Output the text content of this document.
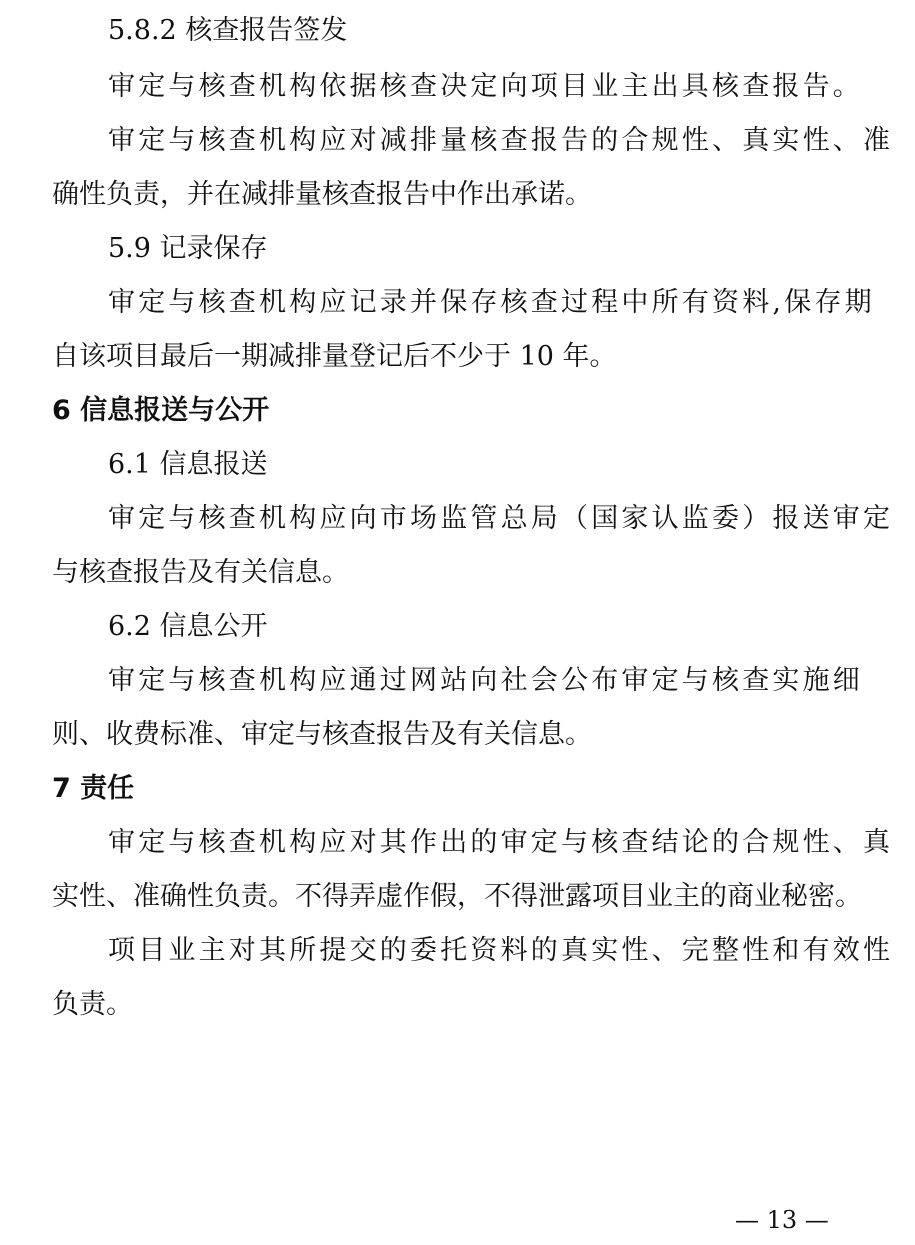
5.8.2 核查报告签发
审定与核查机构依据核查决定向项目业主出具核查报告。
审定与核查机构应对减排量核查报告的合规性、真实性、准
确性负责，并在减排量核查报告中作出承诺。
5.9 记录保存
审定与核查机构应记录并保存核查过程中所有资料,保存期
自该项目最后一期减排量登记后不少于 10 年。
6 信息报送与公开
6.1 信息报送
审定与核查机构应向市场监管总局（国家认监委）报送审定
与核查报告及有关信息。
6.2 信息公开
审定与核查机构应通过网站向社会公布审定与核查实施细
则、收费标准、审定与核查报告及有关信息。
7 责任
审定与核查机构应对其作出的审定与核查结论的合规性、真
实性、准确性负责。不得弄虚作假，不得泄露项目业主的商业秘密。
项目业主对其所提交的委托资料的真实性、完整性和有效性
负责。
— 13 —
